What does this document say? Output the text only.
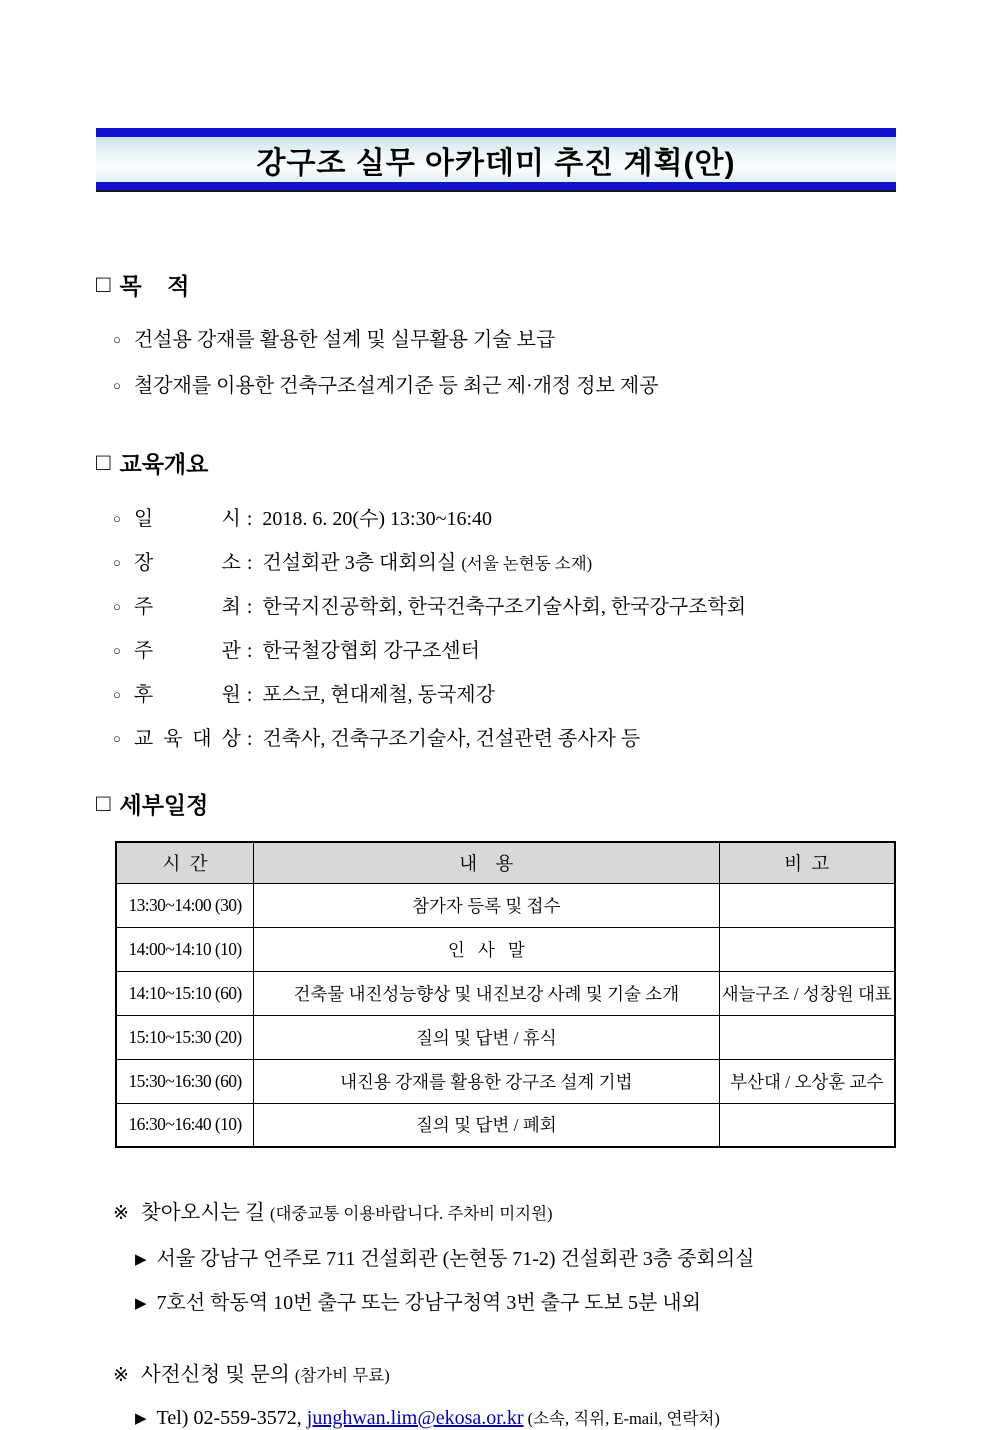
강구조 실무 아카데미 추진 계획(안)
□ 목    적
○ 건설용 강재를 활용한 설계 및 실무활용 기술 보급
○ 철강재를 이용한 건축구조설계기준 등 최근 제·개정 정보 제공
□ 교육개요
○ 일 시 : 2018. 6. 20(수) 13:30~16:40
○ 장 소 : 건설회관 3층 대회의실 (서울 논현동 소재)
○ 주 최 : 한국지진공학회, 한국건축구조기술사회, 한국강구조학회
○ 주 관 : 한국철강협회 강구조센터
○ 후 원 : 포스코, 현대제철, 동국제강
○ 교 육 대 상 : 건축사, 건축구조기술사, 건설관련 종사자 등
□ 세부일정
시  간	내    용	비  고
13:30~14:00 (30)	참가자 등록 및 접수	
14:00~14:10 (10)	인   사   말	
14:10~15:10 (60)	건축물 내진성능향상 및 내진보강 사례 및 기술 소개	새늘구조 / 성창원 대표
15:10~15:30 (20)	질의 및 답변 / 휴식	
15:30~16:30 (60)	내진용 강재를 활용한 강구조 설계 기법	부산대 / 오상훈 교수
16:30~16:40 (10)	질의 및 답변 / 폐회	
※ 찾아오시는 길 (대중교통 이용바랍니다. 주차비 미지원)
▶ 서울 강남구 언주로 711 건설회관 (논현동 71-2) 건설회관 3층 중회의실
▶ 7호선 학동역 10번 출구 또는 강남구청역 3번 출구 도보 5분 내외
※ 사전신청 및 문의 (참가비 무료)
▶ Tel) 02-559-3572, junghwan.lim@ekosa.or.kr (소속, 직위, E-mail, 연락처)
